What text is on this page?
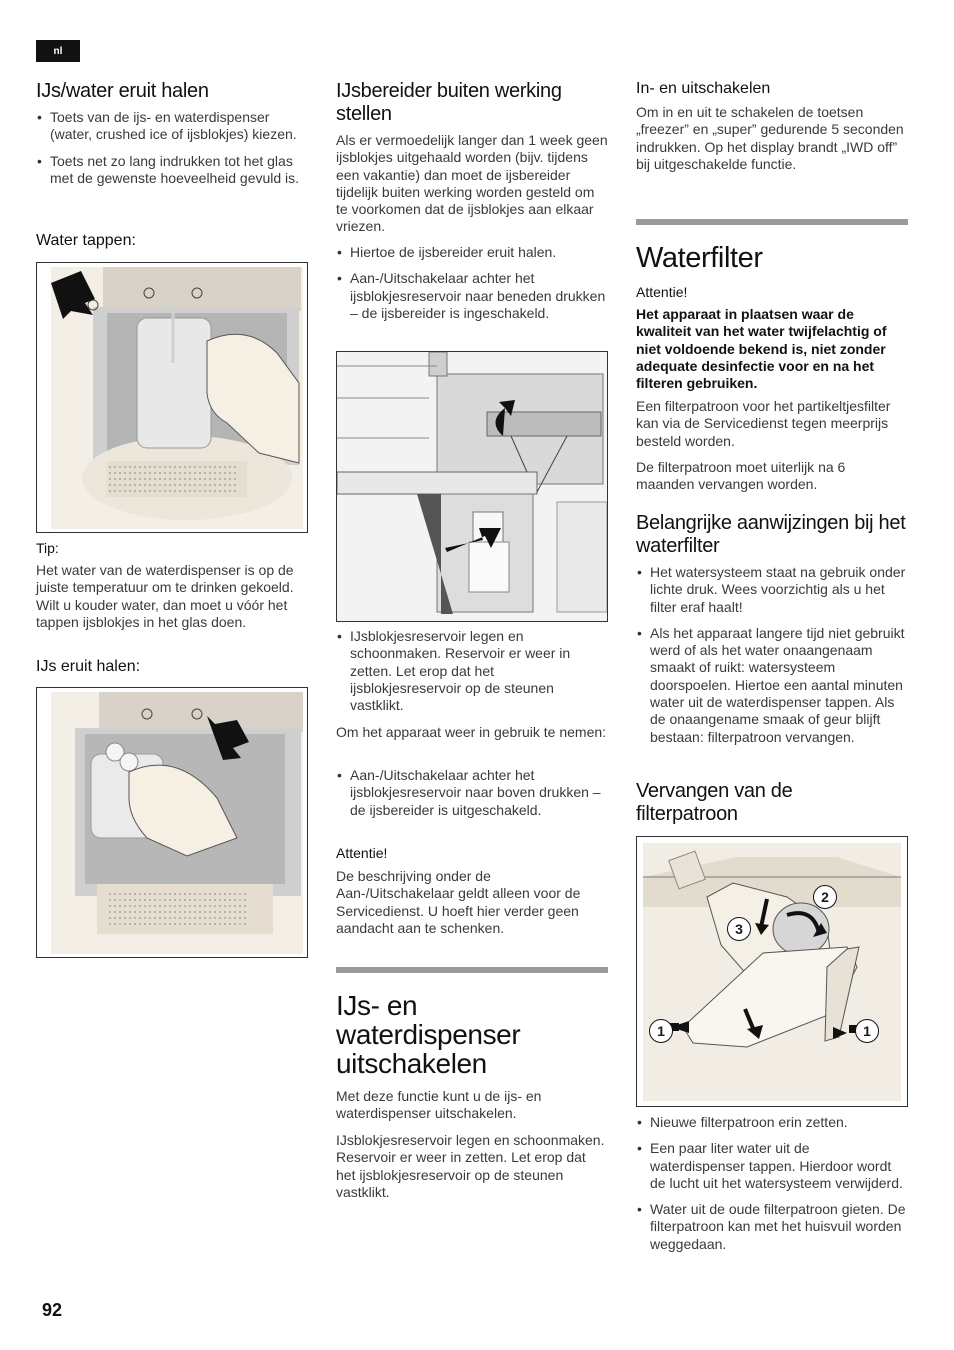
nl
IJs/water eruit halen
• Toets van de ijs- en waterdispenser (water, crushed ice of ijsblokjes) kiezen.
• Toets net zo lang indrukken tot het glas met de gewenste hoeveelheid gevuld is.
Water tappen:

Tip:

Het water van de waterdispenser is op de juiste temperatuur om te drinken gekoeld. Wilt u kouder water, dan moet u vóór het tappen ijsblokjes in het glas doen.

IJs eruit halen:
IJsbereider buiten werking stellen

Als er vermoedelijk langer dan 1 week geen ijsblokjes uitgehaald worden (bijv. tijdens een vakantie) dan moet de ijsbereider tijdelijk buiten werking worden gesteld om te voorkomen dat de ijsblokjes aan elkaar vriezen.

• Hiertoe de ijsbereider eruit halen.
• Aan-/Uitschakelaar achter het ijsblokjesreservoir naar beneden drukken – de ijsbereider is ingeschakeld.
• IJsblokjesreservoir legen en schoonmaken. Reservoir er weer in zetten. Let erop dat het ijsblokjesreservoir op de steunen vastklikt.

Om het apparaat weer in gebruik te nemen:

• Aan-/Uitschakelaar achter het ijsblokjesreservoir naar boven drukken – de ijsbereider is uitgeschakeld.

Attentie!

De beschrijving onder de Aan-/Uitschakelaar geldt alleen voor de Servicedienst. U hoeft hier verder geen aandacht aan te schenken.

IJs- en waterdispenser uitschakelen

Met deze functie kunt u de ijs- en waterdispenser uitschakelen.

IJsblokjesreservoir legen en schoonmaken. Reservoir er weer in zetten. Let erop dat het ijsblokjesreservoir op de steunen vastklikt.

In- en uitschakelen

Om in en uit te schakelen de toetsen „freezer” en „super” gedurende 5 seconden indrukken. Op het display brandt „IWD off” bij uitgeschakelde functie.

Waterfilter

Attentie!

Het apparaat in plaatsen waar de kwaliteit van het water twijfelachtig of niet voldoende bekend is, niet zonder adequate desinfectie voor en na het filteren gebruiken.

Een filterpatroon voor het partikeltjesfilter kan via de Servicedienst tegen meerprijs besteld worden.

De filterpatroon moet uiterlijk na 6 maanden vervangen worden.

Belangrijke aanwijzingen bij het waterfilter
• Het watersysteem staat na gebruik onder lichte druk. Wees voorzichtig als u het filter eraf haalt!
• Als het apparaat langere tijd niet gebruikt werd of als het water onaangenaam smaakt of ruikt: watersysteem doorspoelen. Hiertoe een aantal minuten water uit de waterdispenser tappen. Als de onaangename smaak of geur blijft bestaan: filterpatroon vervangen.
Vervangen van de filterpatroon
2
3
1	1
• Nieuwe filterpatroon erin zetten.
• Een paar liter water uit de waterdispenser tappen. Hierdoor wordt de lucht uit het watersysteem verwijderd.
• Water uit de oude filterpatroon gieten. De filterpatroon kan met het huisvuil worden weggedaan.
92
